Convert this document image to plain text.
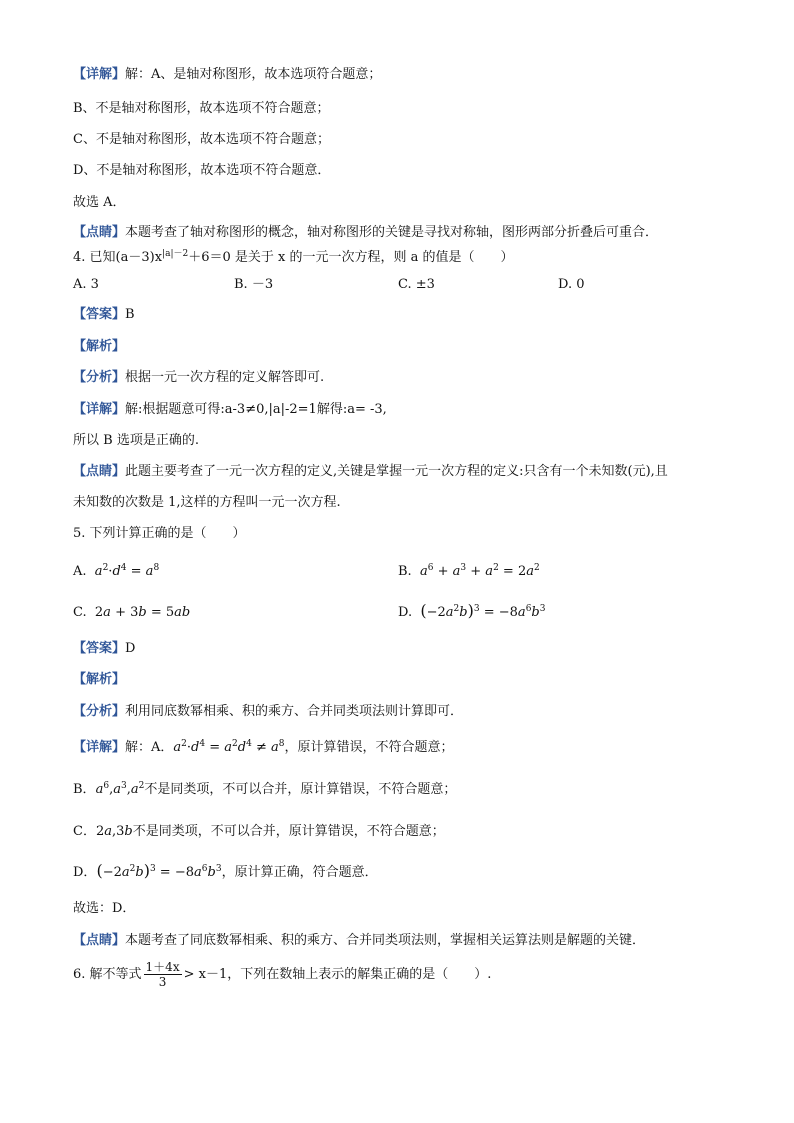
【详解】解：A、是轴对称图形，故本选项符合题意；
B、不是轴对称图形，故本选项不符合题意；
C、不是轴对称图形，故本选项不符合题意；
D、不是轴对称图形，故本选项不符合题意．
故选 A．
【点睛】本题考查了轴对称图形的概念，轴对称图形的关键是寻找对称轴，图形两部分折叠后可重合．
4. 已知$(a-3)x^{|a|-2}+6=0$ 是关于 x 的一元一次方程，则 a 的值是（　　）
A. 3	B. －3	C. ±3	D. 0
【答案】B
【解析】
【分析】根据一元一次方程的定义解答即可.
【详解】解:根据题意可得:a-3≠0,|a|-2=1解得:a= -3,
所以 B 选项是正确的.
【点睛】此题主要考查了一元一次方程的定义,关键是掌握一元一次方程的定义:只含有一个未知数(元),且
未知数的次数是 1,这样的方程叫一元一次方程.
5. 下列计算正确的是（　　）
A. $a^2\cdot d^4 = a^8$	B. $a^6 + a^3 + a^2 = 2a^2$
C.  2a + 3b = 5ab	D. $(-2a^2b)^3 = -8a^6b^3$
【答案】D
【解析】
【分析】利用同底数幂相乘、积的乘方、合并同类项法则计算即可．
【详解】解：A．$a^2\cdot d^4 = a^2d^4 \ne a^8$，原计算错误，不符合题意；
B．$a^6,a^3,a^2$不是同类项，不可以合并，原计算错误，不符合题意；
C．2a,3b不是同类项，不可以合并，原计算错误，不符合题意；
D．$(-2a^2b)^3 = -8a^6b^3$，原计算正确，符合题意．
故选：D．
【点睛】本题考查了同底数幂相乘、积的乘方、合并同类项法则，掌握相关运算法则是解题的关键．
6. 解不等式 $\frac{1+4x}{3} > x-1$，下列在数轴上表示的解集正确的是（　　）.
